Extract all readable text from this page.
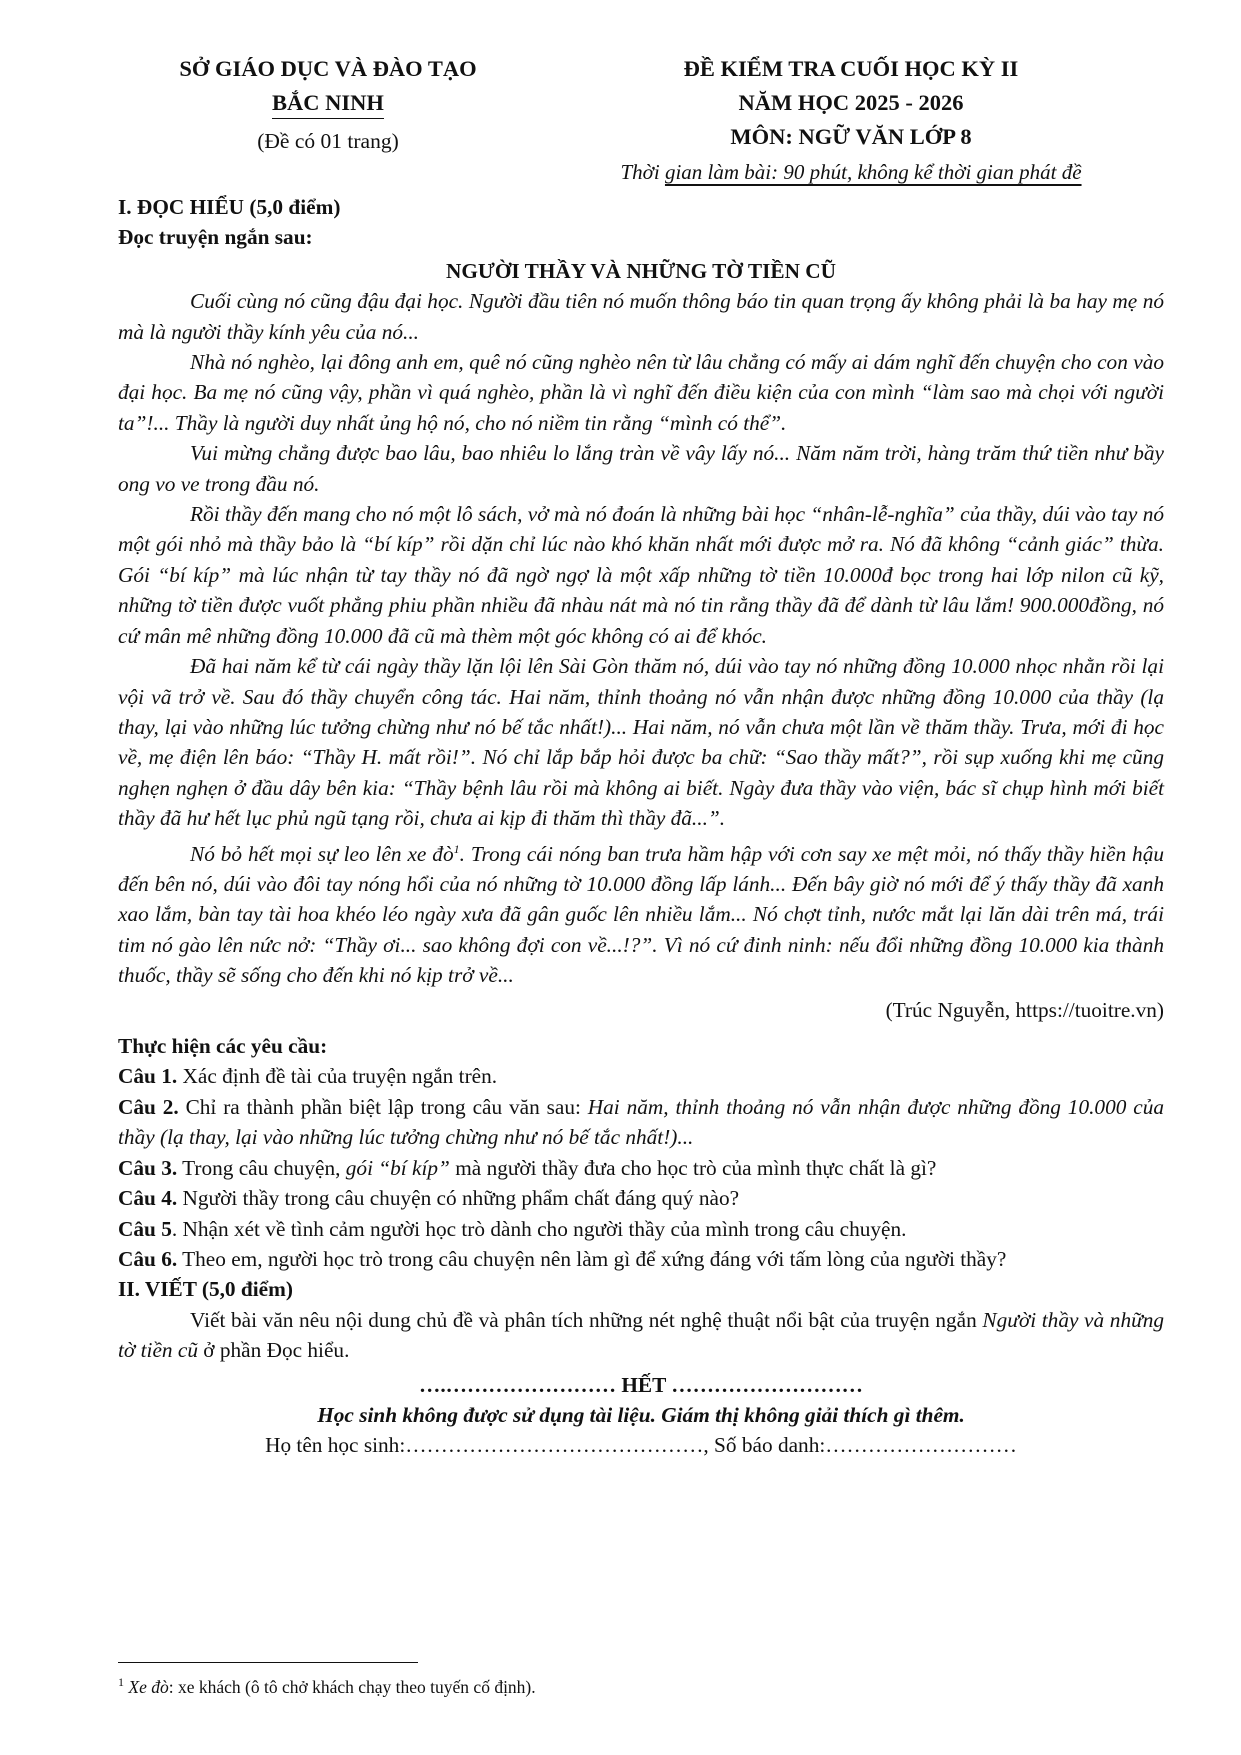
SỞ GIÁO DỤC VÀ ĐÀO TẠO
BẮC NINH
(Đề có 01 trang)
ĐỀ KIỂM TRA CUỐI HỌC KỲ II
NĂM HỌC 2025 - 2026
MÔN: NGỮ VĂN LỚP 8
Thời gian làm bài: 90 phút, không kể thời gian phát đề

I. ĐỌC HIỂU (5,0 điểm)

Đọc truyện ngắn sau:

NGƯỜI THẦY VÀ NHỮNG TỜ TIỀN CŨ

Cuối cùng nó cũng đậu đại học. Người đầu tiên nó muốn thông báo tin quan trọng ấy không phải là ba hay mẹ nó mà là người thầy kính yêu của nó...

Nhà nó nghèo, lại đông anh em, quê nó cũng nghèo nên từ lâu chẳng có mấy ai dám nghĩ đến chuyện cho con vào đại học. Ba mẹ nó cũng vậy, phần vì quá nghèo, phần là vì nghĩ đến điều kiện của con mình “làm sao mà chọi với người ta”!... Thầy là người duy nhất ủng hộ nó, cho nó niềm tin rằng “mình có thể”.

Vui mừng chẳng được bao lâu, bao nhiêu lo lắng tràn về vây lấy nó... Năm năm trời, hàng trăm thứ tiền như bầy ong vo ve trong đầu nó.

Rồi thầy đến mang cho nó một lô sách, vở mà nó đoán là những bài học “nhân-lễ-nghĩa” của thầy, dúi vào tay nó một gói nhỏ mà thầy bảo là “bí kíp” rồi dặn chỉ lúc nào khó khăn nhất mới được mở ra. Nó đã không “cảnh giác” thừa. Gói “bí kíp” mà lúc nhận từ tay thầy nó đã ngờ ngợ là một xấp những tờ tiền 10.000đ bọc trong hai lớp nilon cũ kỹ, những tờ tiền được vuốt phẳng phiu phần nhiều đã nhàu nát mà nó tin rằng thầy đã để dành từ lâu lắm! 900.000đồng, nó cứ mân mê những đồng 10.000 đã cũ mà thèm một góc không có ai để khóc.

Đã hai năm kể từ cái ngày thầy lặn lội lên Sài Gòn thăm nó, dúi vào tay nó những đồng 10.000 nhọc nhằn rồi lại vội vã trở về. Sau đó thầy chuyển công tác. Hai năm, thỉnh thoảng nó vẫn nhận được những đồng 10.000 của thầy (lạ thay, lại vào những lúc tưởng chừng như nó bế tắc nhất!)... Hai năm, nó vẫn chưa một lần về thăm thầy. Trưa, mới đi học về, mẹ điện lên báo: “Thầy H. mất rồi!”. Nó chỉ lắp bắp hỏi được ba chữ: “Sao thầy mất?”, rồi sụp xuống khi mẹ cũng nghẹn nghẹn ở đầu dây bên kia: “Thầy bệnh lâu rồi mà không ai biết. Ngày đưa thầy vào viện, bác sĩ chụp hình mới biết thầy đã hư hết lục phủ ngũ tạng rồi, chưa ai kịp đi thăm thì thầy đã...”.

Nó bỏ hết mọi sự leo lên xe $đò^1$. Trong cái nóng ban trưa hầm hập với cơn say xe mệt mỏi, nó thấy thầy hiền hậu đến bên nó, dúi vào đôi tay nóng hổi của nó những tờ 10.000 đồng lấp lánh... Đến bây giờ nó mới để ý thấy thầy đã xanh xao lắm, bàn tay tài hoa khéo léo ngày xưa đã gân guốc lên nhiều lắm... Nó chợt tỉnh, nước mắt lại lăn dài trên má, trái tim nó gào lên nức nở: “Thầy ơi... sao không đợi con về...!?”. Vì nó cứ đinh ninh: nếu đổi những đồng 10.000 kia thành thuốc, thầy sẽ sống cho đến khi nó kịp trở về...

(Trúc Nguyễn, https://tuoitre.vn)

Thực hiện các yêu cầu:

Câu 1. Xác định đề tài của truyện ngắn trên.

Câu 2. Chỉ ra thành phần biệt lập trong câu văn sau: Hai năm, thỉnh thoảng nó vẫn nhận được những đồng 10.000 của thầy (lạ thay, lại vào những lúc tưởng chừng như nó bế tắc nhất!)...

Câu 3. Trong câu chuyện, gói “bí kíp” mà người thầy đưa cho học trò của mình thực chất là gì?

Câu 4. Người thầy trong câu chuyện có những phẩm chất đáng quý nào?

Câu 5. Nhận xét về tình cảm người học trò dành cho người thầy của mình trong câu chuyện.

Câu 6. Theo em, người học trò trong câu chuyện nên làm gì để xứng đáng với tấm lòng của người thầy?

II. VIẾT (5,0 điểm)

Viết bài văn nêu nội dung chủ đề và phân tích những nét nghệ thuật nổi bật của truyện ngắn Người thầy và những tờ tiền cũ ở phần Đọc hiểu.

….…………………… HẾT ………………………

Học sinh không được sử dụng tài liệu. Giám thị không giải thích gì thêm.

Họ tên học sinh:……………………………………, Số báo danh:………………………

$^1$ Xe đò: xe khách (ô tô chở khách chạy theo tuyến cố định).
